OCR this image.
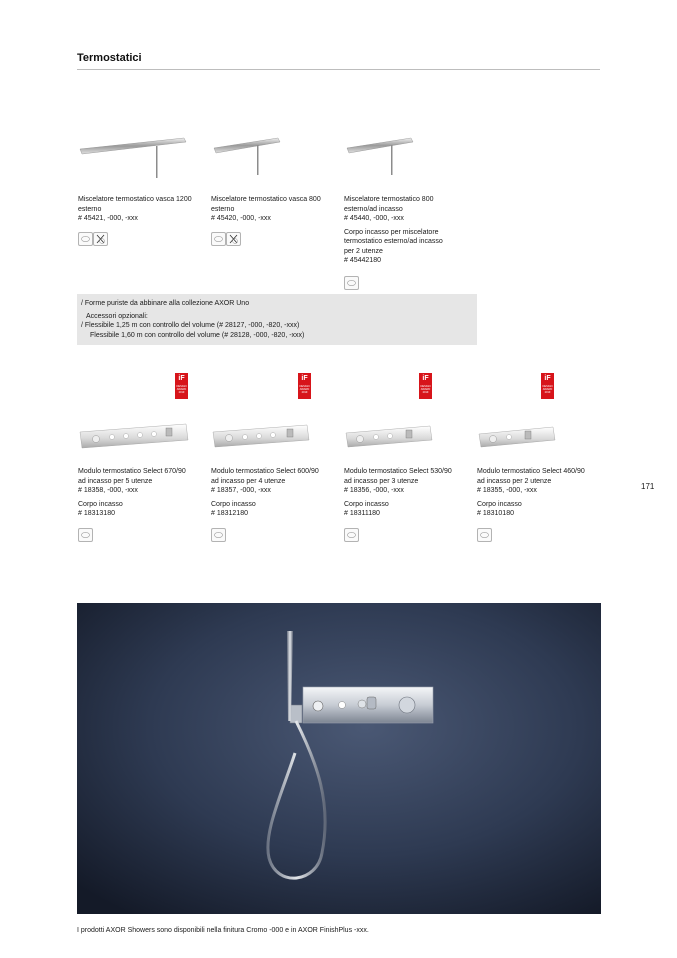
Termostatici
Miscelatore termostatico vasca 1200
esterno
# 45421, -000, -xxx
Miscelatore termostatico vasca 800
esterno
# 45420, -000, -xxx
Miscelatore termostatico 800
esterno/ad incasso
# 45440, -000, -xxx
Corpo incasso per miscelatore
termostatico esterno/ad incasso
per 2 utenze
# 45442180
/ Forme puriste da abbinare alla collezione AXOR Uno
Accessori opzionali:
/ Flessibile 1,25 m con controllo del volume (# 28127, -000, -820, -xxx)
Flessibile 1,60 m con controllo del volume (# 28128, -000, -820, -xxx)
iF
DESIGN
AWARD
2019
iF
DESIGN
AWARD
2019
iF
DESIGN
AWARD
2019
iF
DESIGN
AWARD
2019
Modulo termostatico Select 670/90
ad incasso per 5 utenze
# 18358, -000, -xxx
Corpo incasso
# 18313180
Modulo termostatico Select 600/90
ad incasso per 4 utenze
# 18357, -000, -xxx
Corpo incasso
# 18312180
Modulo termostatico Select 530/90
ad incasso per 3 utenze
# 18356, -000, -xxx
Corpo incasso
# 18311180
Modulo termostatico Select 460/90
ad incasso per 2 utenze
# 18355, -000, -xxx
Corpo incasso
# 18310180
171
I prodotti AXOR Showers sono disponibili nella finitura Cromo -000 e in AXOR FinishPlus -xxx.
